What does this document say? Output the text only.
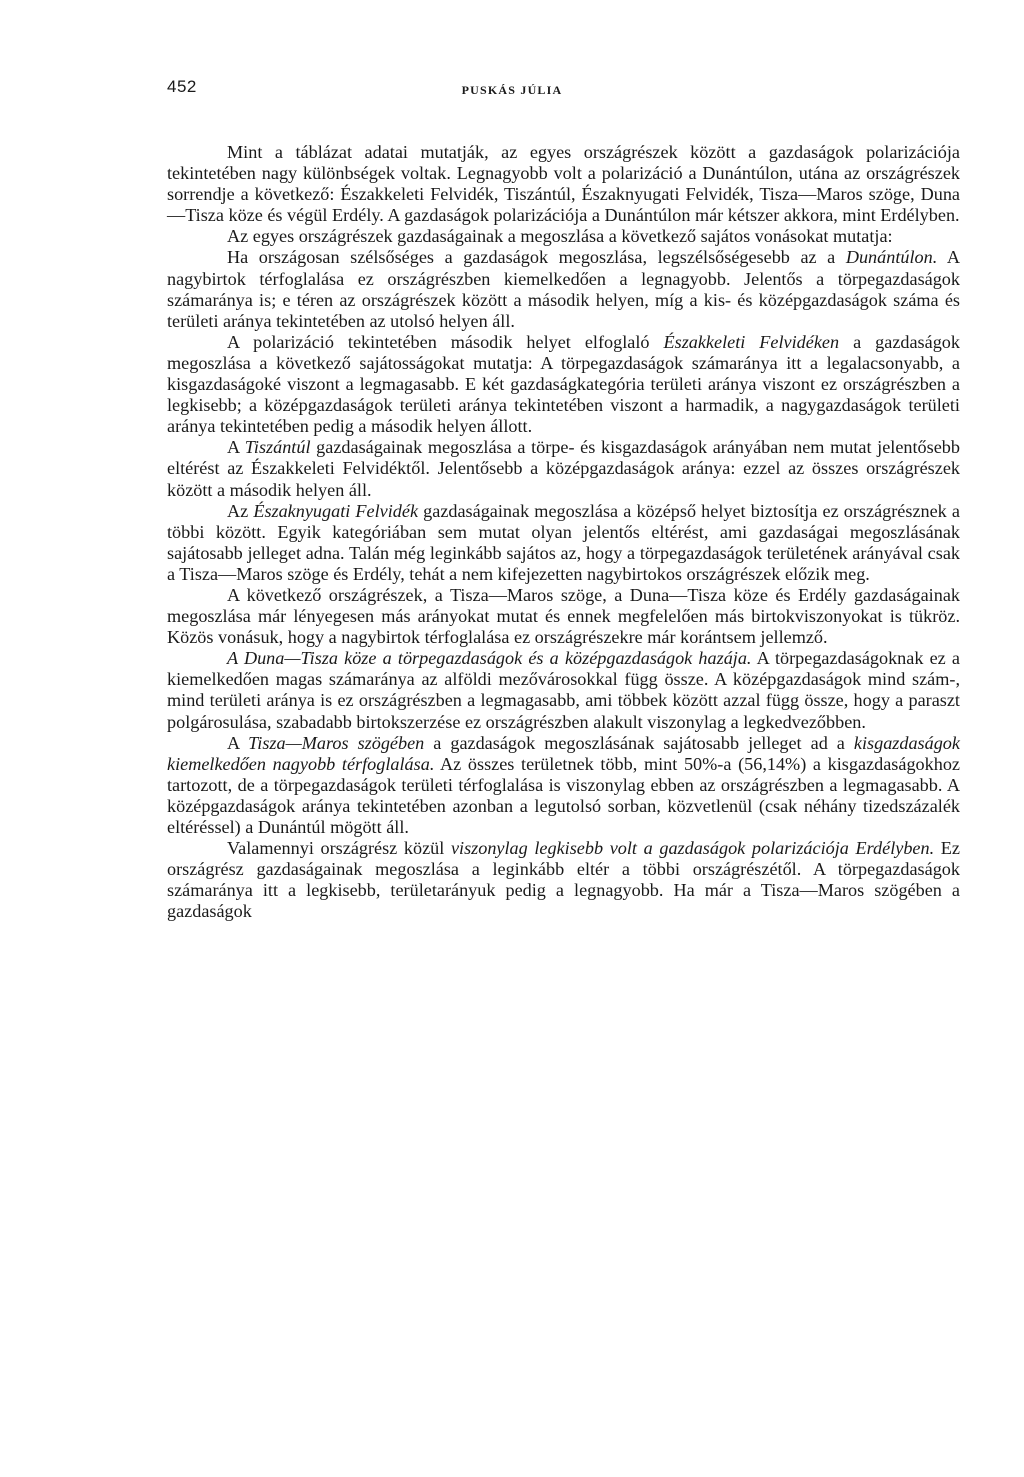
452	PUSKÁS JÚLIA

Mint a táblázat adatai mutatják, az egyes országrészek között a gazdaságok polarizációja tekintetében nagy különbségek voltak. Legnagyobb volt a polarizáció a Dunántúlon, utána az országrészek sorrendje a következő: Északkeleti Felvidék, Tiszántúl, Északnyugati Felvidék, Tisza—Maros szöge, Duna—Tisza köze és végül Erdély. A gazdaságok polarizációja a Dunántúlon már kétszer akkora, mint Erdélyben.

Az egyes országrészek gazdaságainak a megoszlása a következő sajátos vonásokat mutatja:

Ha országosan szélsőséges a gazdaságok megoszlása, legszélsőségesebb az a Dunántúlon. A nagybirtok térfoglalása ez országrészben kiemelkedően a legnagyobb. Jelentős a törpegazdaságok számaránya is; e téren az országrészek között a második helyen, míg a kis- és középgazdaságok száma és területi aránya tekintetében az utolsó helyen áll.

A polarizáció tekintetében második helyet elfoglaló Északkeleti Felvidéken a gazdaságok megoszlása a következő sajátosságokat mutatja: A törpegazdaságok számaránya itt a legalacsonyabb, a kisgazdaságoké viszont a legmagasabb. E két gazdaságkategória területi aránya viszont ez országrészben a legkisebb; a középgazdaságok területi aránya tekintetében viszont a harmadik, a nagygazdaságok területi aránya tekintetében pedig a második helyen állott.

A Tiszántúl gazdaságainak megoszlása a törpe- és kisgazdaságok arányában nem mutat jelentősebb eltérést az Északkeleti Felvidéktől. Jelentősebb a középgazdaságok aránya: ezzel az összes országrészek között a második helyen áll.

Az Északnyugati Felvidék gazdaságainak megoszlása a középső helyet biztosítja ez országrésznek a többi között. Egyik kategóriában sem mutat olyan jelentős eltérést, ami gazdaságai megoszlásának sajátosabb jelleget adna. Talán még leginkább sajátos az, hogy a törpegazdaságok területének arányával csak a Tisza—Maros szöge és Erdély, tehát a nem kifejezetten nagybirtokos országrészek előzik meg.

A következő országrészek, a Tisza—Maros szöge, a Duna—Tisza köze és Erdély gazdaságainak megoszlása már lényegesen más arányokat mutat és ennek megfelelően más birtokviszonyokat is tükröz. Közös vonásuk, hogy a nagybirtok térfoglalása ez országrészekre már korántsem jellemző.

A Duna—Tisza köze a törpegazdaságok és a középgazdaságok hazája. A törpegazdaságoknak ez a kiemelkedően magas számaránya az alföldi mezővárosokkal függ össze. A középgazdaságok mind szám-, mind területi aránya is ez országrészben a legmagasabb, ami többek között azzal függ össze, hogy a paraszt polgárosulása, szabadabb birtokszerzése ez országrészben alakult viszonylag a legkedvezőbben.

A Tisza—Maros szögében a gazdaságok megoszlásának sajátosabb jelleget ad a kisgazdaságok kiemelkedően nagyobb térfoglalása. Az összes területnek több, mint 50%-a (56,14%) a kisgazdaságokhoz tartozott, de a törpegazdaságok területi térfoglalása is viszonylag ebben az országrészben a legmagasabb. A középgazdaságok aránya tekintetében azonban a legutolsó sorban, közvetlenül (csak néhány tizedszázalék eltéréssel) a Dunántúl mögött áll.

Valamennyi országrész közül viszonylag legkisebb volt a gazdaságok polarizációja Erdélyben. Ez országrész gazdaságainak megoszlása a leginkább eltér a többi országrészétől. A törpegazdaságok számaránya itt a legkisebb, területarányuk pedig a legnagyobb. Ha már a Tisza—Maros szögében a gazdaságok
